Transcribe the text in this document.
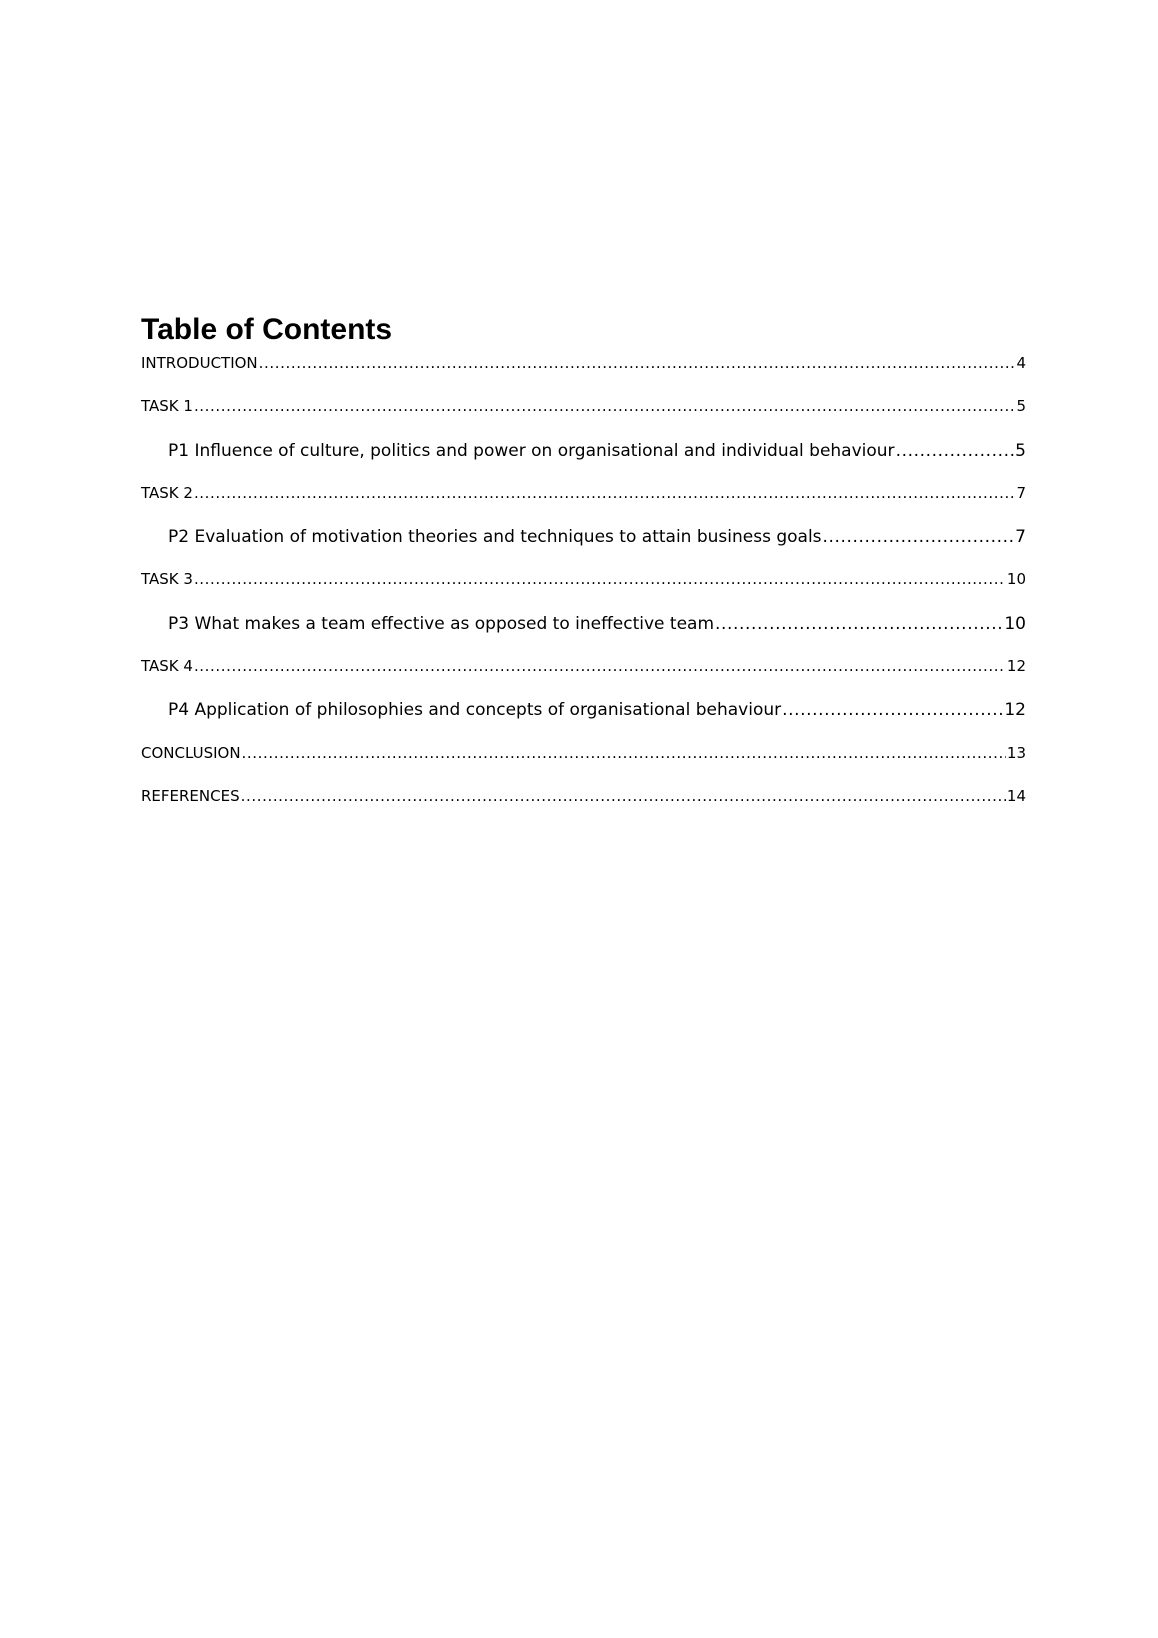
Table of Contents
INTRODUCTION .....	4
TASK 1 .....	5
P1 Influence of culture, politics and power on organisational and individual behaviour .....	5
TASK 2 .....	7
P2 Evaluation of motivation theories and techniques to attain business goals .....	7
TASK 3 .....	10
P3 What makes a team effective as opposed to ineffective team .....	10
TASK 4 .....	12
P4 Application of philosophies and concepts of organisational behaviour .....	12
CONCLUSION .....	13
REFERENCES .....	14
